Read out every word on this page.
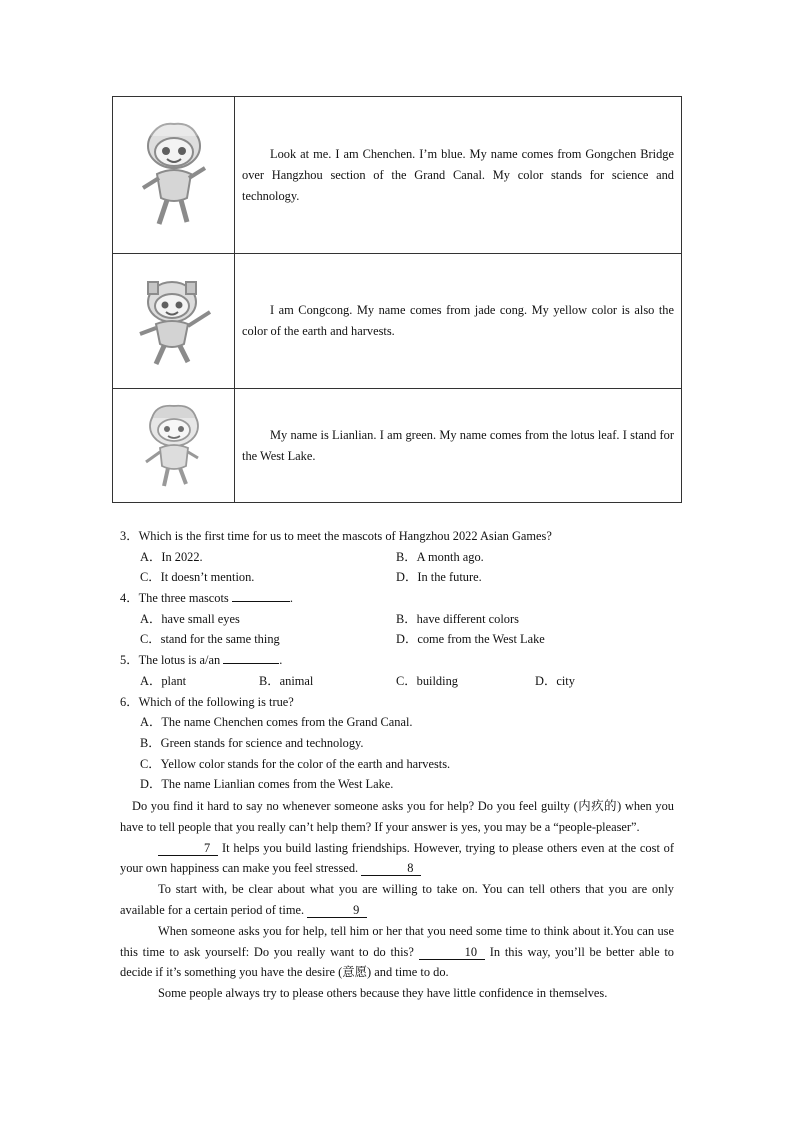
Look at me. I am Chenchen. I’m blue. My name comes from Gongchen Bridge over Hangzhou section of the Grand Canal. My color stands for science and technology.

I am Congcong. My name comes from jade cong. My yellow color is also the color of the earth and harvests.

My name is Lianlian. I am green. My name comes from the lotus leaf. I stand for the West Lake.

3．Which is the first time for us to meet the mascots of Hangzhou 2022 Asian Games?
A．In 2022.	B．A month ago.
C．It doesn’t mention.	D．In the future.
4．The three mascots	.
A．have small eyes	B．have different colors
C．stand for the same thing	D．come from the West Lake
5．The lotus is a/an	.
A．plant	B．animal	C．building	D．city
6．Which of the following is true?
A．The name Chenchen comes from the Grand Canal.
B．Green stands for science and technology.
C．Yellow color stands for the color of the earth and harvests.
D．The name Lianlian comes from the West Lake.

Do you find it hard to say no whenever someone asks you for help? Do you feel guilty (内疚的) when you have to tell people that you really can’t help them? If your answer is yes, you may be a “people-pleaser”.

7 It helps you build lasting friendships. However, trying to please others even at the cost of your own happiness can make you feel stressed.	8

To start with, be clear about what you are willing to take on. You can tell others that you are only available for a certain period of time.	9

When someone asks you for help, tell him or her that you need some time to think about it.You can use this time to ask yourself: Do you really want to do this?	10 In this way, you’ll be better able to decide if it’s something you have the desire (意愿) and time to do.

Some people always try to please others because they have little confidence in themselves.
